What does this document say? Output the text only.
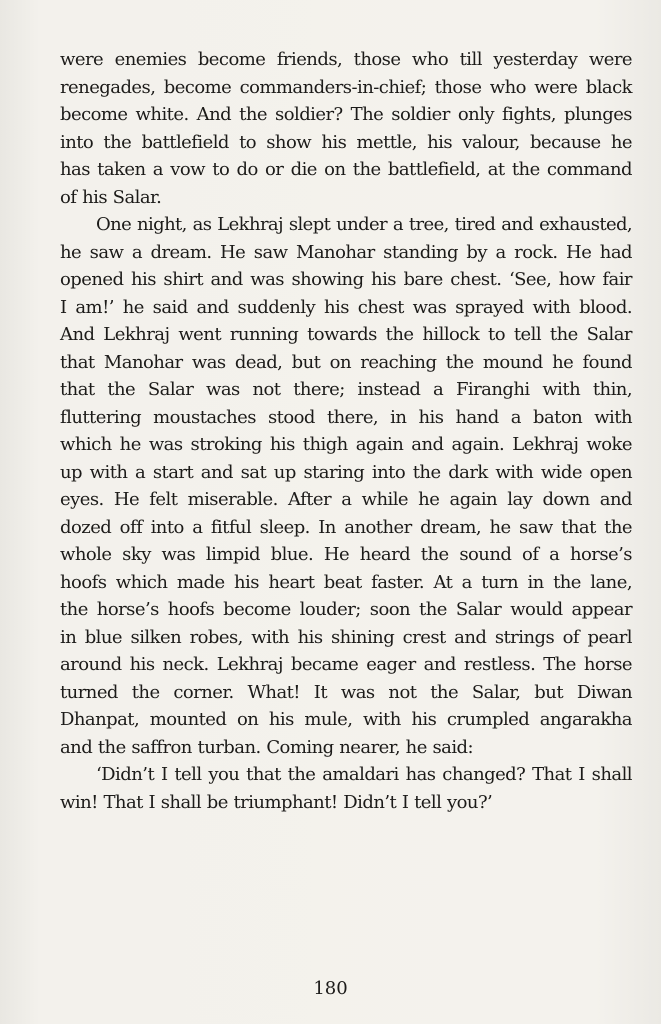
were enemies become friends, those who till yesterday were
renegades, become commanders-in-chief; those who were black
become white. And the soldier? The soldier only fights, plunges
into the battlefield to show his mettle, his valour, because he
has taken a vow to do or die on the battlefield, at the command
of his Salar.

One night, as Lekhraj slept under a tree, tired and exhausted,
he saw a dream. He saw Manohar standing by a rock. He had
opened his shirt and was showing his bare chest. ‘See, how fair
I am!’ he said and suddenly his chest was sprayed with blood.
And Lekhraj went running towards the hillock to tell the Salar
that Manohar was dead, but on reaching the mound he found
that the Salar was not there; instead a Firanghi with thin,
fluttering moustaches stood there, in his hand a baton with
which he was stroking his thigh again and again. Lekhraj woke
up with a start and sat up staring into the dark with wide open
eyes. He felt miserable. After a while he again lay down and
dozed off into a fitful sleep. In another dream, he saw that the
whole sky was limpid blue. He heard the sound of a horse’s
hoofs which made his heart beat faster. At a turn in the lane,
the horse’s hoofs become louder; soon the Salar would appear
in blue silken robes, with his shining crest and strings of pearl
around his neck. Lekhraj became eager and restless. The horse
turned the corner. What! It was not the Salar, but Diwan
Dhanpat, mounted on his mule, with his crumpled angarakha
and the saffron turban. Coming nearer, he said:

‘Didn’t I tell you that the amaldari has changed? That I shall
win! That I shall be triumphant! Didn’t I tell you?’

180
